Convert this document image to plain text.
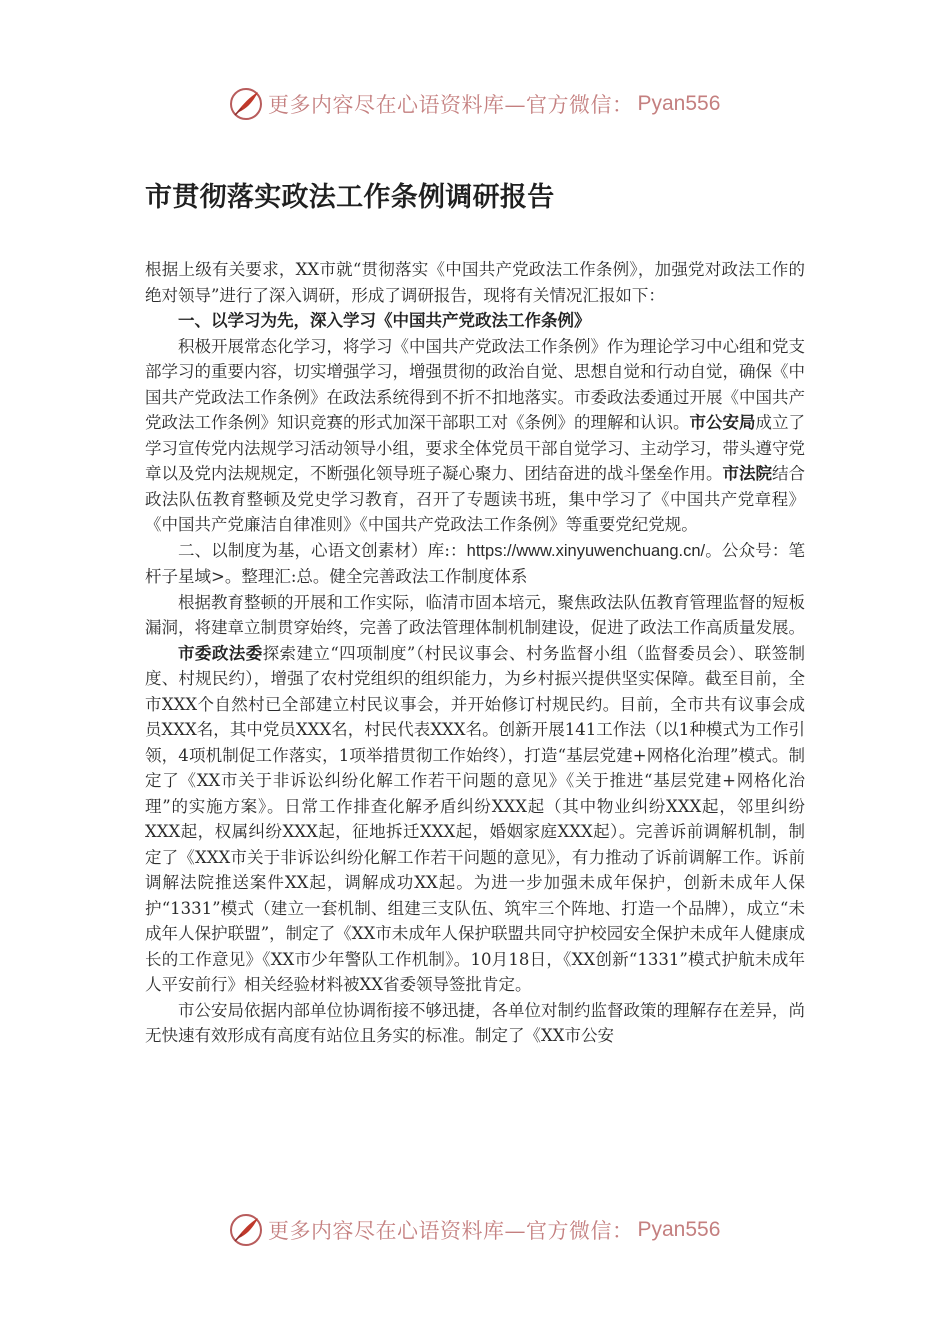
更多内容尽在心语资料库—官方微信： Pyan556
市贯彻落实政法工作条例调研报告

根据上级有关要求，XX市就“贯彻落实《中国共产党政法工作条例》，加强党对政法工作的绝对领导”进行了深入调研，形成了调研报告，现将有关情况汇报如下：

一、以学习为先，深入学习《中国共产党政法工作条例》

积极开展常态化学习，将学习《中国共产党政法工作条例》作为理论学习中心组和党支部学习的重要内容，切实增强学习，增强贯彻的政治自觉、思想自觉和行动自觉，确保《中国共产党政法工作条例》在政法系统得到不折不扣地落实。市委政法委通过开展《中国共产党政法工作条例》知识竞赛的形式加深干部职工对《条例》的理解和认识。市公安局成立了学习宣传党内法规学习活动领导小组，要求全体党员干部自觉学习、主动学习，带头遵守党章以及党内法规规定，不断强化领导班子凝心聚力、团结奋进的战斗堡垒作用。市法院结合政法队伍教育整顿及党史学习教育，召开了专题读书班，集中学习了《中国共产党章程》《中国共产党廉洁自律准则》《中国共产党政法工作条例》等重要党纪党规。

二、以制度为基，心语文创素材）库:：https://www.xinyuwenchuang.cn/。公众号：笔杆子星域>。整理汇:总。健全完善政法工作制度体系

根据教育整顿的开展和工作实际，临清市固本培元，聚焦政法队伍教育管理监督的短板漏洞，将建章立制贯穿始终，完善了政法管理体制机制建设，促进了政法工作高质量发展。

市委政法委探索建立“四项制度”（村民议事会、村务监督小组（监督委员会）、联签制度、村规民约），增强了农村党组织的组织能力，为乡村振兴提供坚实保障。截至目前，全市XXX个自然村已全部建立村民议事会，并开始修订村规民约。目前，全市共有议事会成员XXX名，其中党员XXX名，村民代表XXX名。创新开展141工作法（以1种模式为工作引领，4项机制促工作落实，1项举措贯彻工作始终），打造“基层党建+网格化治理”模式。制定了《XX市关于非诉讼纠纷化解工作若干问题的意见》《关于推进“基层党建+网格化治理”的实施方案》。日常工作排查化解矛盾纠纷XXX起（其中物业纠纷XXX起，邻里纠纷XXX起，权属纠纷XXX起，征地拆迁XXX起，婚姻家庭XXX起）。完善诉前调解机制，制定了《XXX市关于非诉讼纠纷化解工作若干问题的意见》，有力推动了诉前调解工作。诉前调解法院推送案件XX起，调解成功XX起。为进一步加强未成年保护，创新未成年人保护“1331”模式（建立一套机制、组建三支队伍、筑牢三个阵地、打造一个品牌），成立“未成年人保护联盟”，制定了《XX市未成年人保护联盟共同守护校园安全保护未成年人健康成长的工作意见》《XX市少年警队工作机制》。10月18日，《XX创新“1331”模式护航未成年人平安前行》相关经验材料被XX省委领导签批肯定。

市公安局依据内部单位协调衔接不够迅捷，各单位对制约监督政策的理解存在差异，尚无快速有效形成有高度有站位且务实的标准。制定了《XX市公安

更多内容尽在心语资料库—官方微信： Pyan556
